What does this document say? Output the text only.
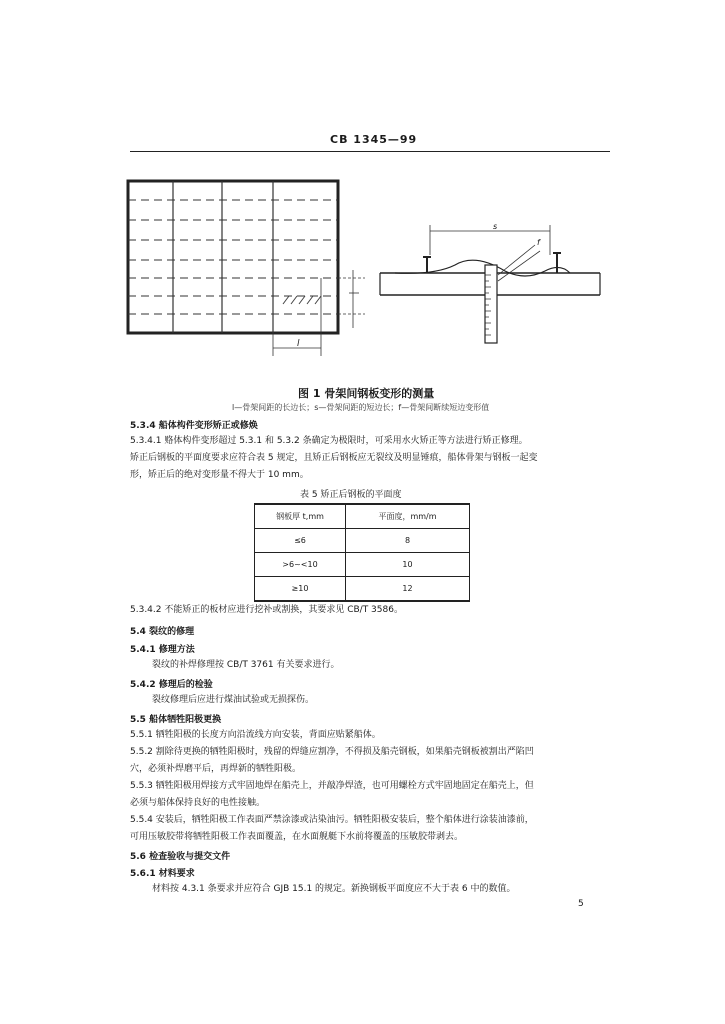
CB 1345—99
l
s
f
图 1 骨架间钢板变形的测量
l—骨架间距的长边长；s—骨架间距的短边长；f—骨架间断续短边变形值
5.3.4 船体构件变形矫正或修焕
5.3.4.1 赂体构件变形超过 5.3.1 和 5.3.2 条确定为极限时，可采用水火矫正等方法进行矫正修理。
矫正后钢板的平面度要求应符合表 5 规定，且矫正后钢板应无裂纹及明显锤痕，船体骨架与钢板一起变
形，矫正后的绝对变形量不得大于 10 mm。
表 5 矫正后钢板的平面度
钢板厚 t,mm	平面度，mm/m
≤6	8
>6~<10	10
≥10	12
5.3.4.2 不能矫正的板材应进行挖补或割换，其要求见 CB/T 3586。
5.4 裂纹的修理
5.4.1 修理方法
裂纹的补焊修理按 CB/T 3761 有关要求进行。
5.4.2 修理后的检验
裂纹修理后应进行煤油试验或无损探伤。
5.5 船体牺牲阳极更换
5.5.1 牺牲阳极的长度方向沿流线方向安装，背面应贴紧船体。
5.5.2 割除待更换的牺牲阳极时，残留的焊缝应割净，不得损及船壳钢板，如果船壳钢板被割出严陷凹
穴，必须补焊磨平后，再焊新的牺牲阳极。
5.5.3 牺牲阳极用焊接方式牢固地焊在船壳上，并敲净焊渣，也可用螺栓方式牢固地固定在船壳上，但
必须与船体保持良好的电性接触。
5.5.4 安装后，牺牲阳极工作表面严禁涂漆或沾染油污。牺牲阳极安装后，整个船体进行涂装油漆前，
可用压敏胶带将牺牲阳极工作表面覆盖，在水面舰艇下水前将覆盖的压敏胶带剥去。
5.6 检查验收与提交文件
5.6.1 材料要求
材料按 4.3.1 条要求并应符合 GJB 15.1 的规定。新换钢板平面度应不大于表 6 中的数值。
5
